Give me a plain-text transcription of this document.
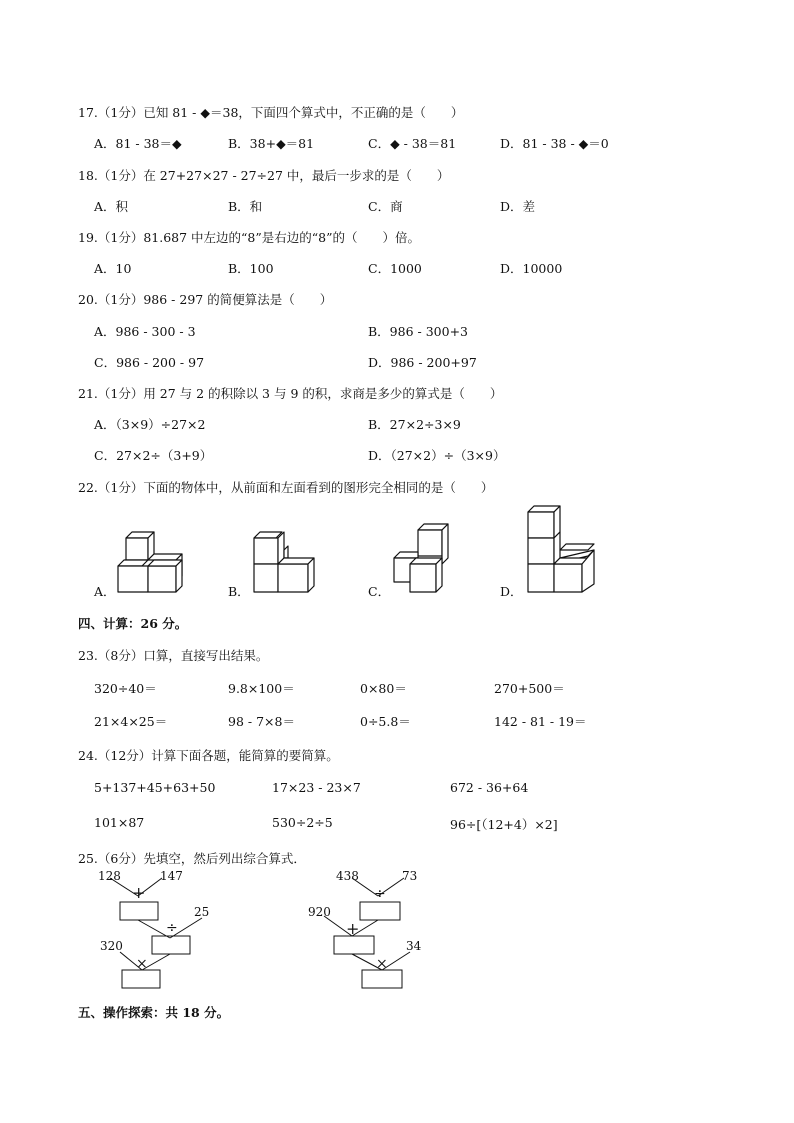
17.（1分）已知 81 - ◆＝38，下面四个算式中，不正确的是（　　）
A．81 - 38＝◆	B．38+◆＝81	C．◆ - 38＝81	D．81 - 38 - ◆＝0
18.（1分）在 27+27×27 - 27÷27 中，最后一步求的是（　　）
A．积	B．和	C．商	D．差
19.（1分）81.687 中左边的“8”是右边的“8”的（　　）倍。
A．10	B．100	C．1000	D．10000
20.（1分）986 - 297 的简便算法是（　　）
A．986 - 300 - 3	B．986 - 300+3
C．986 - 200 - 97	D．986 - 200+97
21.（1分）用 27 与 2 的积除以 3 与 9 的积，求商是多少的算式是（　　）
A．（3×9）÷27×2	B．27×2÷3×9
C．27×2÷（3+9）	D．（27×2）÷（3×9）
22.（1分）下面的物体中，从前面和左面看到的图形完全相同的是（　　）
A．	B．	C．	D．
四、计算：26 分。
23.（8分）口算，直接写出结果。
320÷40＝	9.8×100＝	0×80＝	270+500＝
21×4×25＝	98 - 7×8＝	0÷5.8＝	142 - 81 - 19＝
24.（12分）计算下面各题，能简算的要简算。
5+137+45+63+50	17×23 - 23×7	672 - 36+64
101×87	530÷2÷5	96÷[（12+4）×2]
25.（6分）先填空，然后列出综合算式．
128	147
+
25
÷
320
×
438	73
÷
920
+
34
×
五、操作探索：共 18 分。
